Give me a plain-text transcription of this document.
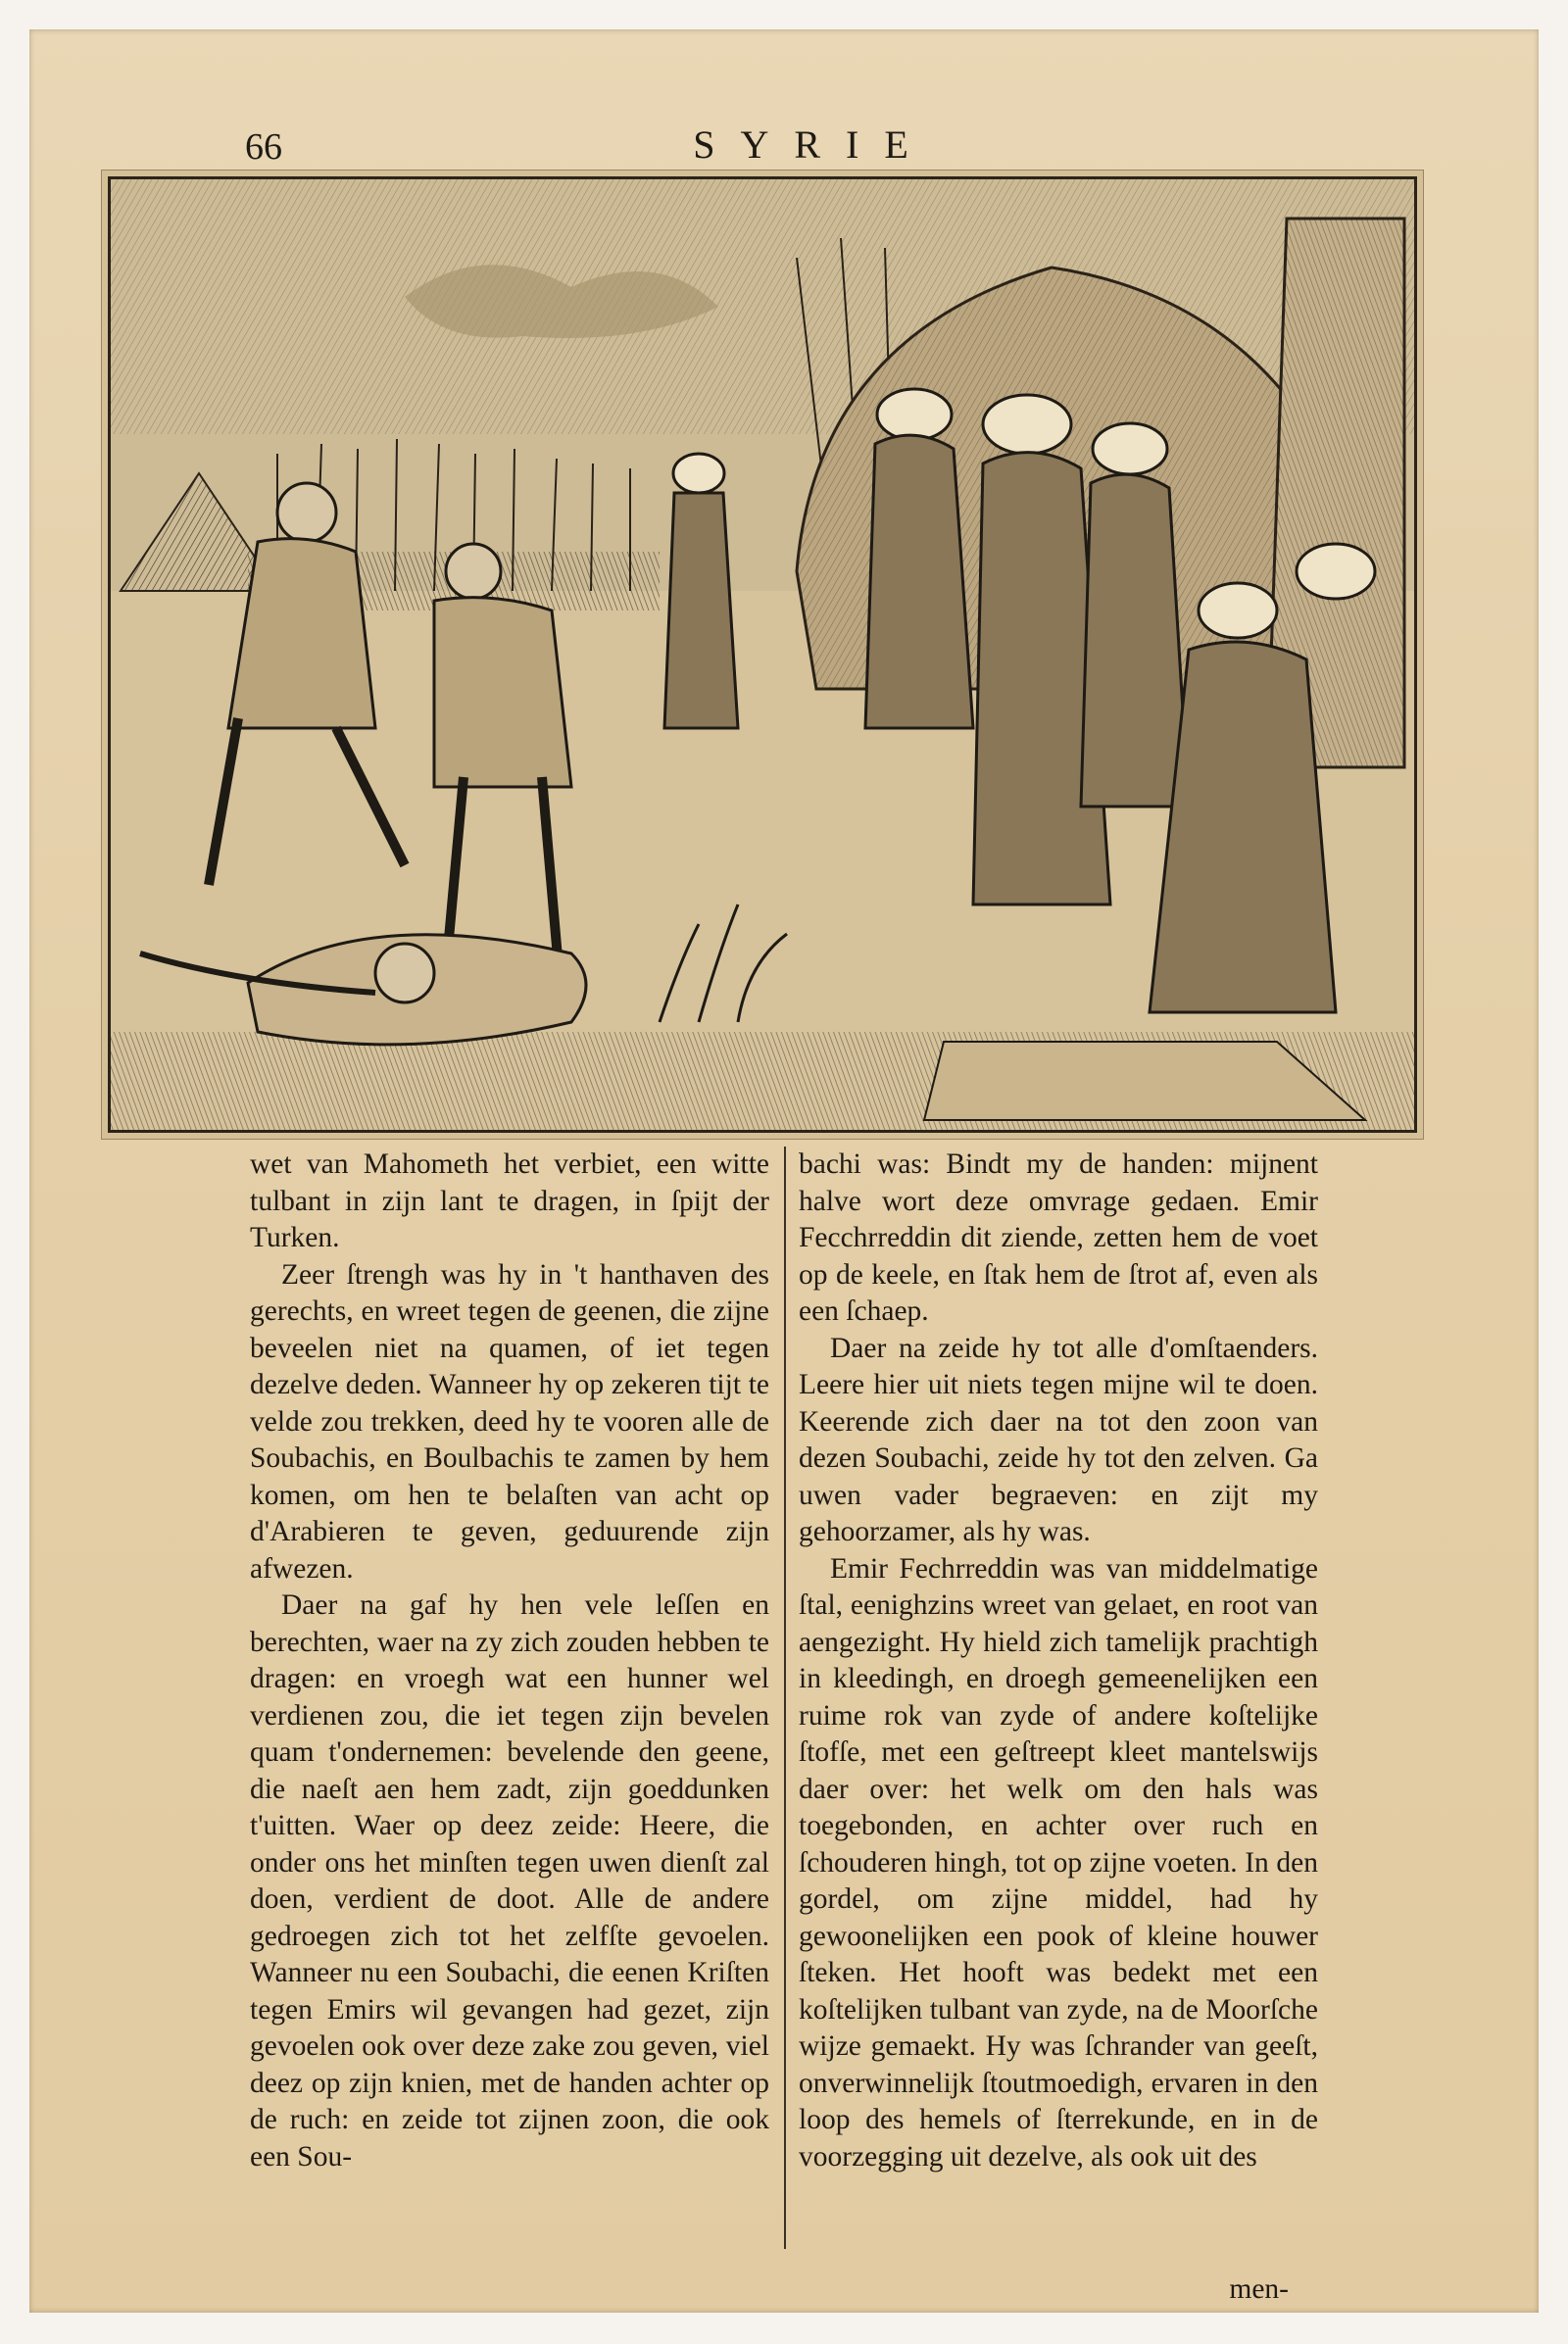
66	SYRIE

wet van Mahometh het verbiet, een witte tulbant in zijn lant te dragen, in ſpijt der Turken.

Zeer ſtrengh was hy in 't hanthaven des gerechts, en wreet tegen de geenen, die zijne beveelen niet na quamen, of iet tegen dezelve deden. Wanneer hy op zekeren tijt te velde zou trekken, deed hy te vooren alle de Soubachis, en Boulbachis te zamen by hem komen, om hen te belaſten van acht op d'Arabieren te geven, geduurende zijn afwezen.

Daer na gaf hy hen vele leſſen en berechten, waer na zy zich zouden hebben te dragen: en vroegh wat een hunner wel verdienen zou, die iet tegen zijn bevelen quam t'ondernemen: bevelende den geene, die naeſt aen hem zadt, zijn goeddunken t'uitten. Waer op deez zeide: Heere, die onder ons het minſten tegen uwen dienſt zal doen, verdient de doot. Alle de andere gedroegen zich tot het zelfſte gevoelen. Wanneer nu een Soubachi, die eenen Kriſten tegen Emirs wil gevangen had gezet, zijn gevoelen ook over deze zake zou geven, viel deez op zijn knien, met de handen achter op de ruch: en zeide tot zijnen zoon, die ook een Sou-

bachi was: Bindt my de handen: mijnent halve wort deze omvrage gedaen. Emir Fecchrreddin dit ziende, zetten hem de voet op de keele, en ſtak hem de ſtrot af, even als een ſchaep.

Daer na zeide hy tot alle d'omſtaenders. Leere hier uit niets tegen mijne wil te doen. Keerende zich daer na tot den zoon van dezen Soubachi, zeide hy tot den zelven. Ga uwen vader begraeven: en zijt my gehoorzamer, als hy was.

Emir Fechrreddin was van middelmatige ſtal, eenighzins wreet van gelaet, en root van aengezight. Hy hield zich tamelijk prachtigh in kleedingh, en droegh gemeenelijken een ruime rok van zyde of andere koſtelijke ſtofſe, met een geſtreept kleet mantelswijs daer over: het welk om den hals was toegebonden, en achter over ruch en ſchouderen hingh, tot op zijne voeten. In den gordel, om zijne middel, had hy gewoonelijken een pook of kleine houwer ſteken. Het hooft was bedekt met een koſtelijken tulbant van zyde, na de Moorſche wijze gemaekt. Hy was ſchrander van geeſt, onverwinnelijk ſtoutmoedigh, ervaren in den loop des hemels of ſterrekunde, en in de voorzegging uit dezelve, als ook uit des

men-
